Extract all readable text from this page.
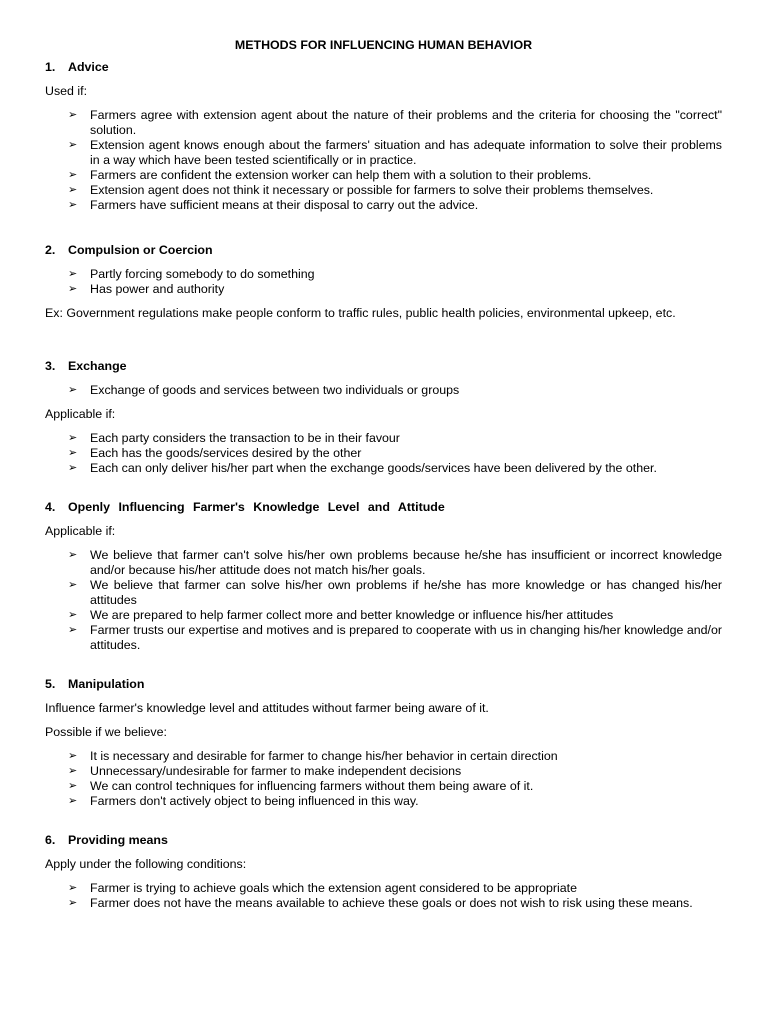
METHODS FOR INFLUENCING HUMAN BEHAVIOR
1. Advice

Used if:

➢	Farmers agree with extension agent about the nature of their problems and the criteria for choosing the "correct" solution.
➢	Extension agent knows enough about the farmers' situation and has adequate information to solve their problems in a way which have been tested scientifically or in practice.
➢	Farmers are confident the extension worker can help them with a solution to their problems.
➢	Extension agent does not think it necessary or possible for farmers to solve their problems themselves.
➢	Farmers have sufficient means at their disposal to carry out the advice.
2. Compulsion or Coercion
➢	Partly forcing somebody to do something
➢	Has power and authority

Ex: Government regulations make people conform to traffic rules, public health policies, environmental upkeep, etc.

3. Exchange
➢	Exchange of goods and services between two individuals or groups

Applicable if:

➢	Each party considers the transaction to be in their favour
➢	Each has the goods/services desired by the other
➢	Each can only deliver his/her part when the exchange goods/services have been delivered by the other.
4. Openly Influencing Farmer's Knowledge Level and Attitude

Applicable if:

➢	We believe that farmer can't solve his/her own problems because he/she has insufficient or incorrect knowledge and/or because his/her attitude does not match his/her goals.
➢	We believe that farmer can solve his/her own problems if he/she has more knowledge or has changed his/her attitudes
➢	We are prepared to help farmer collect more and better knowledge or influence his/her attitudes
➢	Farmer trusts our expertise and motives and is prepared to cooperate with us in changing his/her knowledge and/or attitudes.
5. Manipulation

Influence farmer's knowledge level and attitudes without farmer being aware of it.

Possible if we believe:

➢	It is necessary and desirable for farmer to change his/her behavior in certain direction
➢	Unnecessary/undesirable for farmer to make independent decisions
➢	We can control techniques for influencing farmers without them being aware of it.
➢	Farmers don't actively object to being influenced in this way.
6. Providing means

Apply under the following conditions:

➢	Farmer is trying to achieve goals which the extension agent considered to be appropriate
➢	Farmer does not have the means available to achieve these goals or does not wish to risk using these means.
